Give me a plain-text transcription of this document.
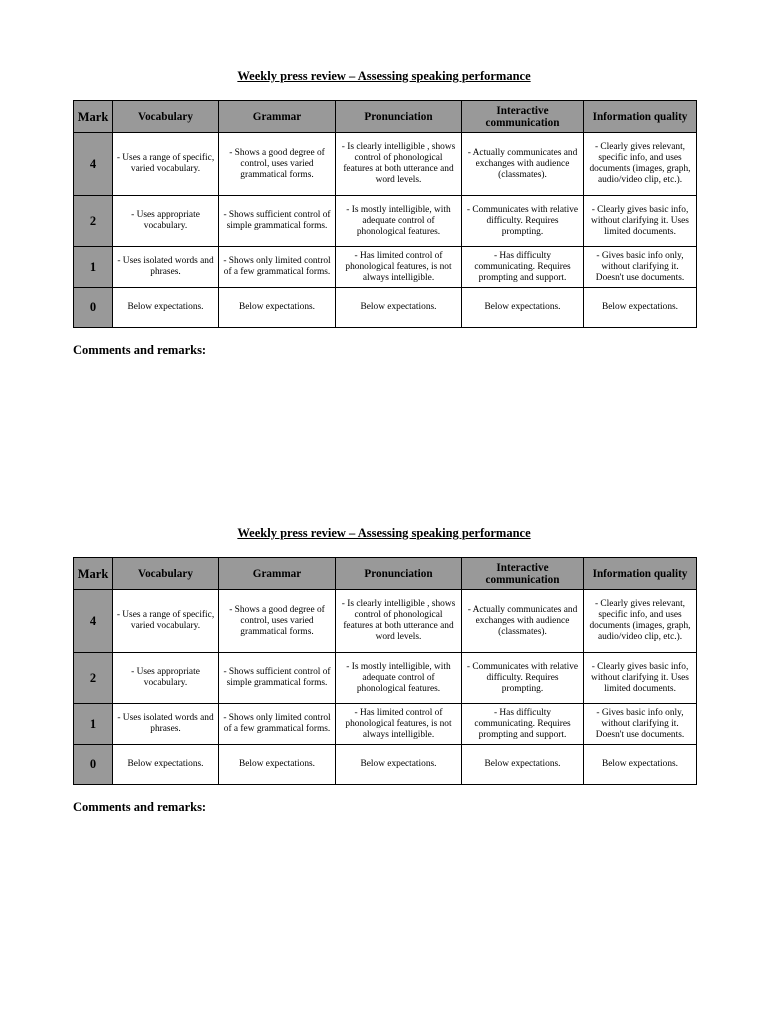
Weekly press review – Assessing speaking performance
Mark	Vocabulary	Grammar	Pronunciation	Interactive communication	Information quality
4	- Uses a range of specific, varied vocabulary.	- Shows a good degree of control, uses varied grammatical forms.	- Is clearly intelligible , shows control of phonological features at both utterance and word levels.	- Actually communicates and exchanges with audience (classmates).	- Clearly gives relevant, specific info, and uses documents (images, graph, audio/video clip, etc.).
2	- Uses appropriate vocabulary.	- Shows sufficient control of simple grammatical forms.	- Is mostly intelligible, with adequate control of phonological features.	- Communicates with relative difficulty. Requires prompting.	- Clearly gives basic info, without clarifying it. Uses limited documents.
1	- Uses isolated words and phrases.	- Shows only limited control of a few grammatical forms.	- Has limited control of phonological features, is not always intelligible.	- Has difficulty communicating. Requires prompting and support.	- Gives basic info only, without clarifying it. Doesn't use documents.
0	Below expectations.	Below expectations.	Below expectations.	Below expectations.	Below expectations.
Comments and remarks:
Weekly press review – Assessing speaking performance
Mark	Vocabulary	Grammar	Pronunciation	Interactive communication	Information quality
4	- Uses a range of specific, varied vocabulary.	- Shows a good degree of control, uses varied grammatical forms.	- Is clearly intelligible , shows control of phonological features at both utterance and word levels.	- Actually communicates and exchanges with audience (classmates).	- Clearly gives relevant, specific info, and uses documents (images, graph, audio/video clip, etc.).
2	- Uses appropriate vocabulary.	- Shows sufficient control of simple grammatical forms.	- Is mostly intelligible, with adequate control of phonological features.	- Communicates with relative difficulty. Requires prompting.	- Clearly gives basic info, without clarifying it. Uses limited documents.
1	- Uses isolated words and phrases.	- Shows only limited control of a few grammatical forms.	- Has limited control of phonological features, is not always intelligible.	- Has difficulty communicating. Requires prompting and support.	- Gives basic info only, without clarifying it. Doesn't use documents.
0	Below expectations.	Below expectations.	Below expectations.	Below expectations.	Below expectations.
Comments and remarks:
